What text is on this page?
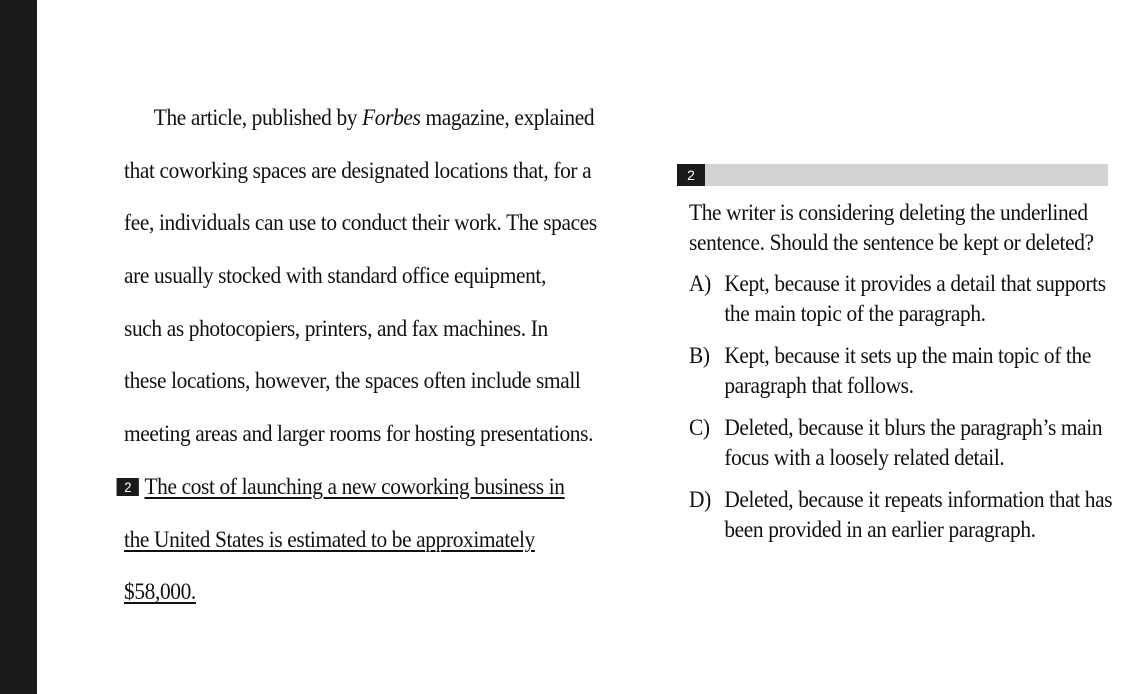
The article, published by Forbes magazine, explained
that coworking spaces are designated locations that, for a
fee, individuals can use to conduct their work. The spaces
are usually stocked with standard office equipment,
such as photocopiers, printers, and fax machines. In
these locations, however, the spaces often include small
meeting areas and larger rooms for hosting presentations.
2 The cost of launching a new coworking business in
the United States is estimated to be approximately
$58,000.
2
The writer is considering deleting the underlined sentence. Should the sentence be kept or deleted?
A) Kept, because it provides a detail that supports the main topic of the paragraph.
B) Kept, because it sets up the main topic of the paragraph that follows.
C) Deleted, because it blurs the paragraph’s main focus with a loosely related detail.
D) Deleted, because it repeats information that has been provided in an earlier paragraph.
